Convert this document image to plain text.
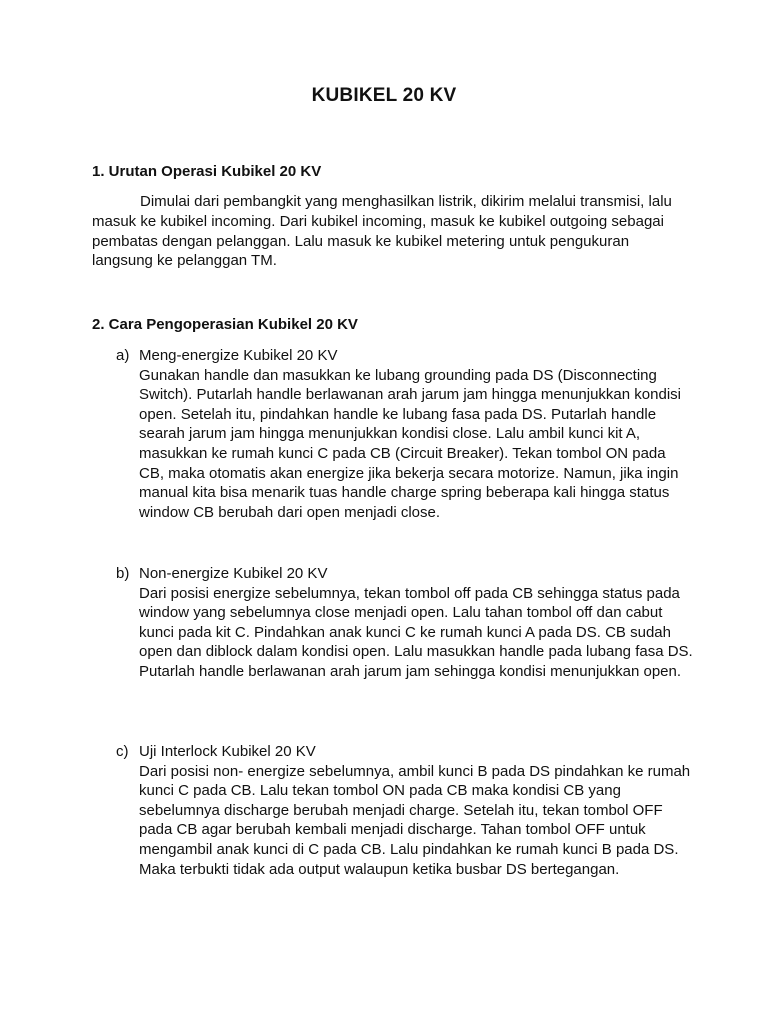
KUBIKEL 20 KV
1. Urutan Operasi Kubikel 20 KV
Dimulai dari pembangkit yang menghasilkan listrik, dikirim melalui transmisi, lalu masuk ke kubikel incoming. Dari kubikel incoming, masuk ke kubikel outgoing sebagai pembatas dengan pelanggan. Lalu masuk ke kubikel metering untuk pengukuran langsung ke pelanggan TM.
2. Cara Pengoperasian Kubikel 20 KV
a) Meng-energize Kubikel 20 KV
Gunakan handle dan masukkan ke lubang grounding pada DS (Disconnecting Switch). Putarlah handle berlawanan arah jarum jam hingga menunjukkan kondisi open. Setelah itu, pindahkan handle ke lubang fasa pada DS. Putarlah handle searah jarum jam hingga menunjukkan kondisi close. Lalu ambil kunci kit A, masukkan ke rumah kunci C pada CB (Circuit Breaker). Tekan tombol ON pada CB, maka otomatis akan energize jika bekerja secara motorize. Namun, jika ingin manual kita bisa menarik tuas handle charge spring beberapa kali hingga status window CB berubah dari open menjadi close.
b) Non-energize Kubikel 20 KV
Dari posisi energize sebelumnya, tekan tombol off pada CB sehingga status pada window yang sebelumnya close menjadi open. Lalu tahan tombol off dan cabut kunci pada kit C. Pindahkan anak kunci C ke rumah kunci A pada DS. CB sudah open dan diblock dalam kondisi open. Lalu masukkan handle pada lubang fasa DS. Putarlah handle berlawanan arah jarum jam sehingga kondisi menunjukkan open.
c) Uji Interlock Kubikel 20 KV
Dari posisi non- energize sebelumnya, ambil kunci B pada DS pindahkan ke rumah kunci C pada CB. Lalu tekan tombol ON pada CB maka kondisi CB yang sebelumnya discharge berubah menjadi charge. Setelah itu, tekan tombol OFF pada CB agar berubah kembali menjadi discharge. Tahan tombol OFF untuk mengambil anak kunci di C pada CB. Lalu pindahkan ke rumah kunci B pada DS. Maka terbukti tidak ada output walaupun ketika busbar DS bertegangan.
